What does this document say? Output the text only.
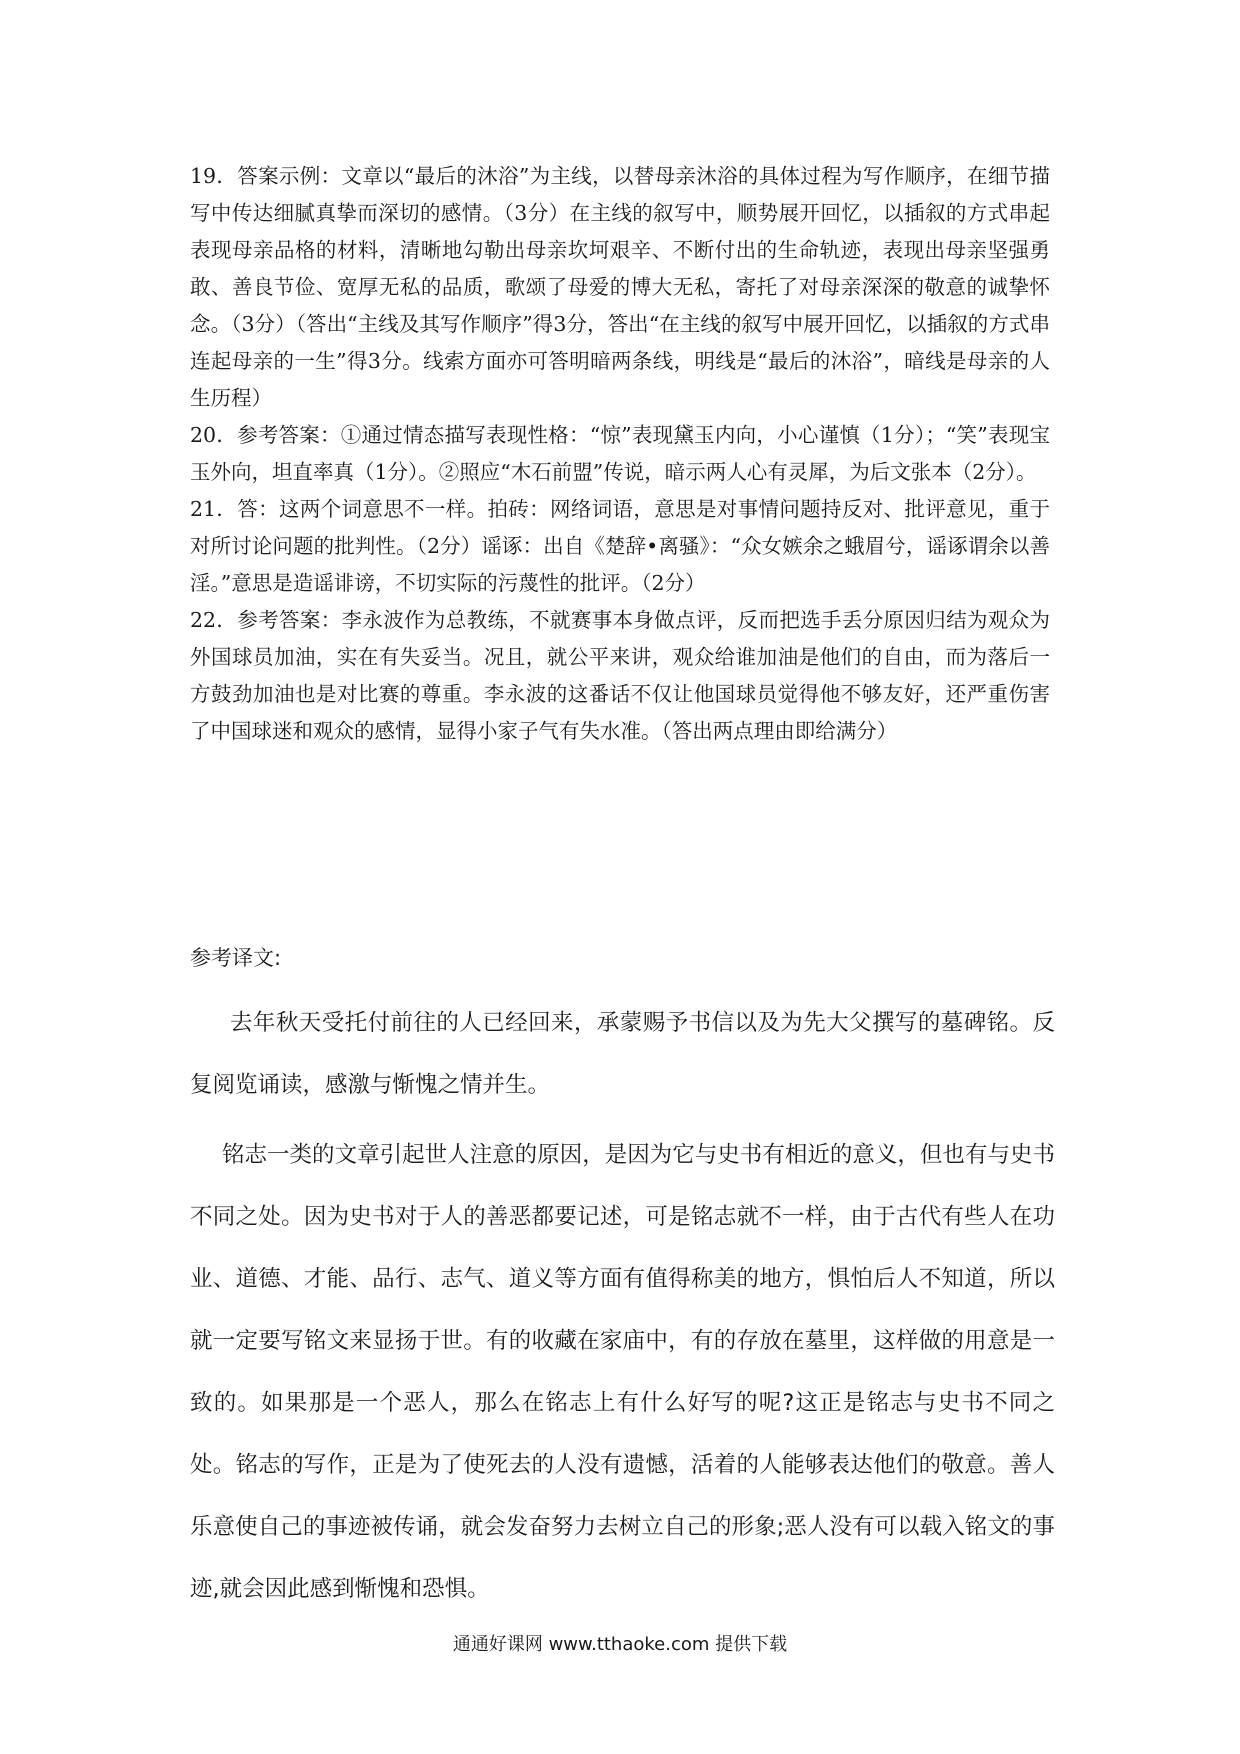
19．答案示例：文章以“最后的沐浴”为主线，以替母亲沐浴的具体过程为写作顺序，在细节描写中传达细腻真挚而深切的感情。（3分）在主线的叙写中，顺势展开回忆，以插叙的方式串起表现母亲品格的材料，清晰地勾勒出母亲坎坷艰辛、不断付出的生命轨迹，表现出母亲坚强勇敢、善良节俭、宽厚无私的品质，歌颂了母爱的博大无私，寄托了对母亲深深的敬意的诚挚怀念。（3分）（答出“主线及其写作顺序”得3分，答出“在主线的叙写中展开回忆，以插叙的方式串连起母亲的一生”得3分。线索方面亦可答明暗两条线，明线是“最后的沐浴”，暗线是母亲的人生历程）

20．参考答案：①通过情态描写表现性格：“惊”表现黛玉内向，小心谨慎（1分）；“笑”表现宝玉外向，坦直率真（1分）。②照应“木石前盟”传说，暗示两人心有灵犀，为后文张本（2分）。

21．答：这两个词意思不一样。拍砖：网络词语，意思是对事情问题持反对、批评意见，重于对所讨论问题的批判性。（2分）谣诼：出自《楚辞•离骚》：“众女嫉余之蛾眉兮，谣诼谓余以善淫。”意思是造谣诽谤，不切实际的污蔑性的批评。（2分）

22．参考答案：李永波作为总教练，不就赛事本身做点评，反而把选手丢分原因归结为观众为外国球员加油，实在有失妥当。况且，就公平来讲，观众给谁加油是他们的自由，而为落后一方鼓劲加油也是对比赛的尊重。李永波的这番话不仅让他国球员觉得他不够友好，还严重伤害了中国球迷和观众的感情，显得小家子气有失水准。（答出两点理由即给满分）

参考译文:

去年秋天受托付前往的人已经回来，承蒙赐予书信以及为先大父撰写的墓碑铭。反复阅览诵读，感激与惭愧之情并生。

铭志一类的文章引起世人注意的原因，是因为它与史书有相近的意义，但也有与史书不同之处。因为史书对于人的善恶都要记述，可是铭志就不一样，由于古代有些人在功业、道德、才能、品行、志气、道义等方面有值得称美的地方，惧怕后人不知道，所以就一定要写铭文来显扬于世。有的收藏在家庙中，有的存放在墓里，这样做的用意是一致的。如果那是一个恶人，那么在铭志上有什么好写的呢?这正是铭志与史书不同之处。铭志的写作，正是为了使死去的人没有遗憾，活着的人能够表达他们的敬意。善人乐意使自己的事迹被传诵，就会发奋努力去树立自己的形象;恶人没有可以载入铭文的事迹,就会因此感到惭愧和恐惧。

通通好课网 www.tthaoke.com 提供下载
